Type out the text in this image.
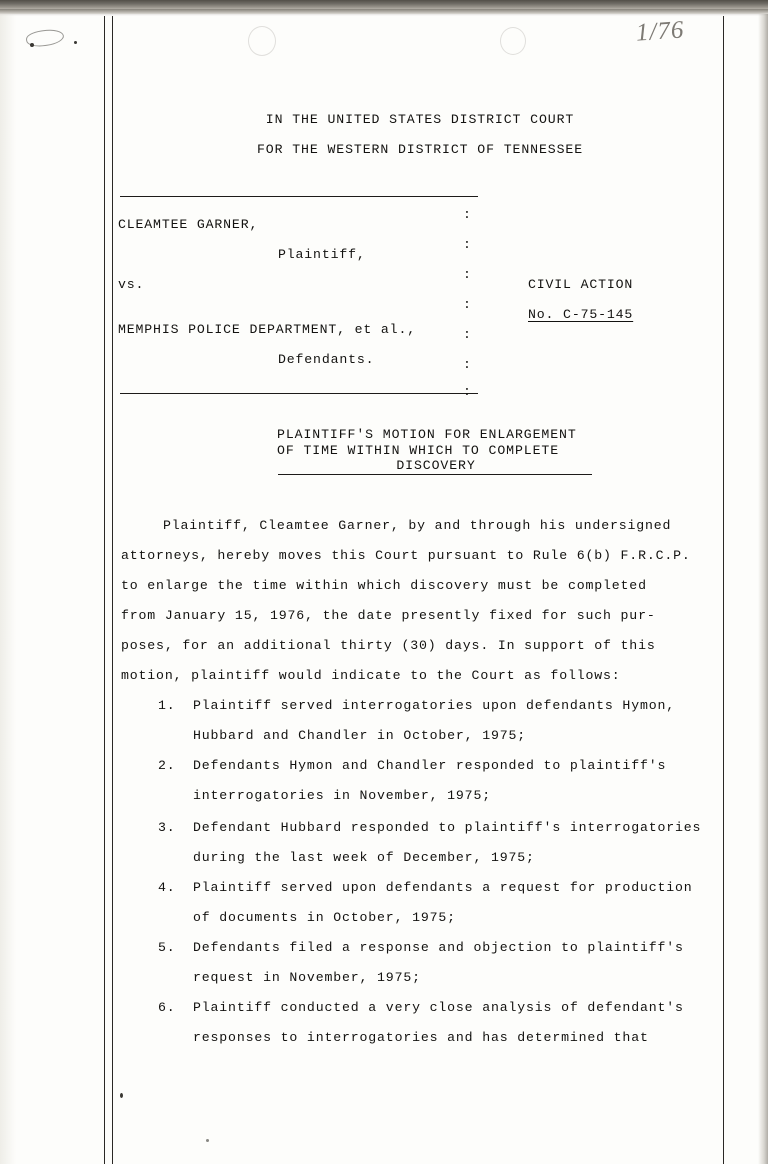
1/76
IN THE UNITED STATES DISTRICT COURT
FOR THE WESTERN DISTRICT OF TENNESSEE
CLEAMTEE GARNER,
Plaintiff,
vs.
MEMPHIS POLICE DEPARTMENT, et al.,
Defendants.
:
:
:
:
:
:
:
CIVIL ACTION
No. C-75-145
PLAINTIFF'S MOTION FOR ENLARGEMENT
OF TIME WITHIN WHICH TO COMPLETE
DISCOVERY
Plaintiff, Cleamtee Garner, by and through his undersigned
attorneys, hereby moves this Court pursuant to Rule 6(b) F.R.C.P.
to enlarge the time within which discovery must be completed
from January 15, 1976, the date presently fixed for such pur-
poses, for an additional thirty (30) days. In support of this
motion, plaintiff would indicate to the Court as follows:
1. Plaintiff served interrogatories upon defendants Hymon,
Hubbard and Chandler in October, 1975;
2. Defendants Hymon and Chandler responded to plaintiff's
interrogatories in November, 1975;
3. Defendant Hubbard responded to plaintiff's interrogatories
during the last week of December, 1975;
4. Plaintiff served upon defendants a request for production
of documents in October, 1975;
5. Defendants filed a response and objection to plaintiff's
request in November, 1975;
6. Plaintiff conducted a very close analysis of defendant's
responses to interrogatories and has determined that
